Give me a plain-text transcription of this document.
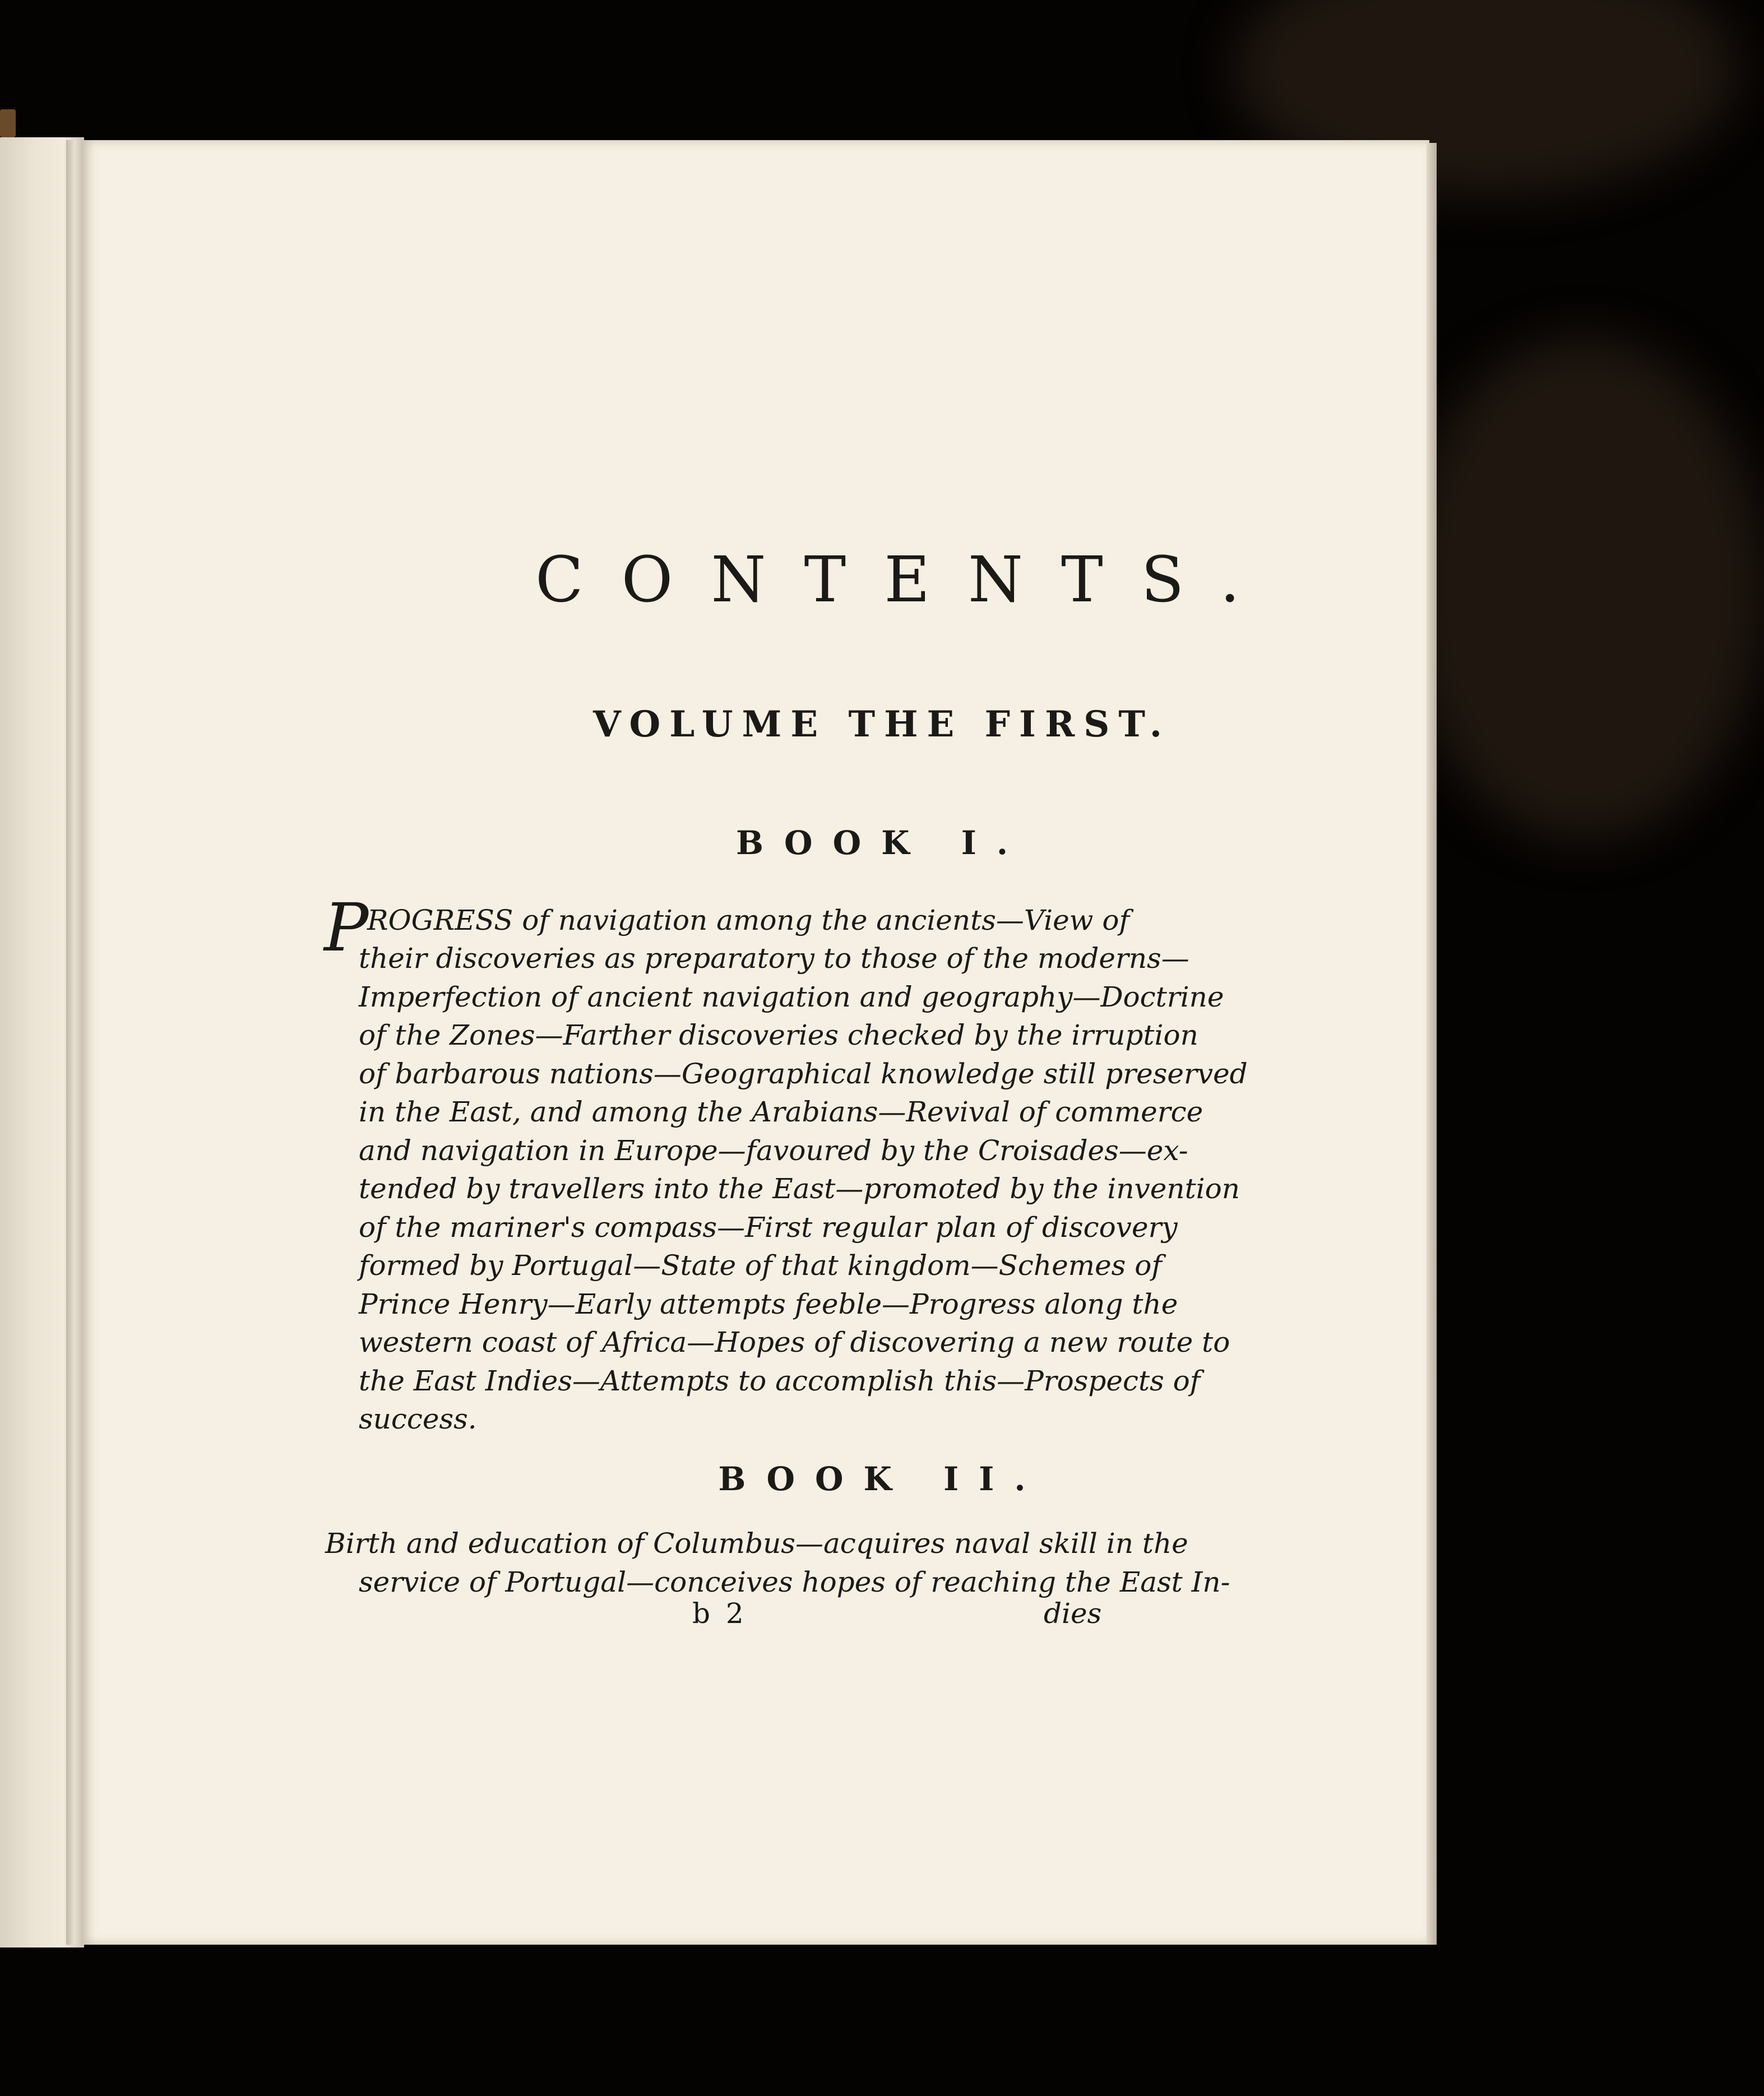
CONTENTS.
VOLUME THE FIRST.
BOOK I.
P

ROGRESS of navigation among the ancients—View of

their discoveries as preparatory to those of the moderns—
Imperfection of ancient navigation and geography—Doctrine
of the Zones—Farther discoveries checked by the irruption
of barbarous nations—Geographical knowledge still preserved
in the East, and among the Arabians—Revival of commerce
and navigation in Europe—favoured by the Croisades—ex-
tended by travellers into the East—promoted by the invention
of the mariner's compass—First regular plan of discovery
formed by Portugal—State of that kingdom—Schemes of
Prince Henry—Early attempts feeble—Progress along the
western coast of Africa—Hopes of discovering a new route to
the East Indies—Attempts to accomplish this—Prospects of
success.
BOOK II.
Birth and education of Columbus—acquires naval skill in the
service of Portugal—conceives hopes of reaching the East In-
b 2	dies
